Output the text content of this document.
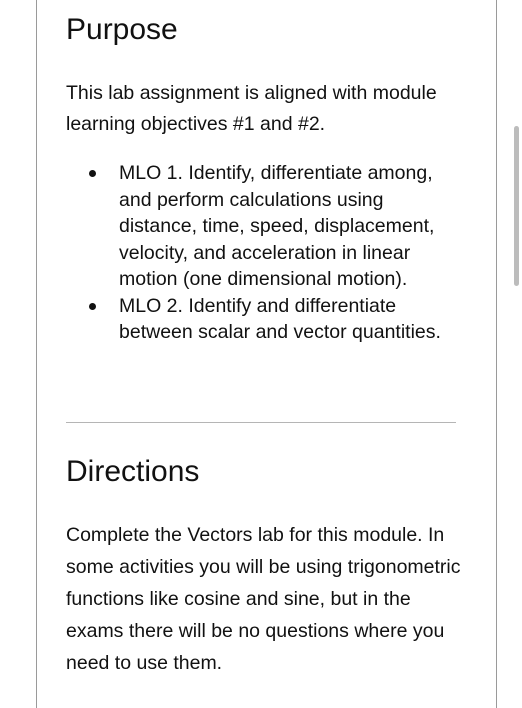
Purpose

This lab assignment is aligned with module learning objectives #1 and #2.

MLO 1. Identify, differentiate among, and perform calculations using distance, time, speed, displacement, velocity, and acceleration in linear motion (one dimensional motion).
MLO 2. Identify and differentiate between scalar and vector quantities.
Directions

Complete the Vectors lab for this module. In some activities you will be using trigonometric functions like cosine and sine, but in the exams there will be no questions where you need to use them.
